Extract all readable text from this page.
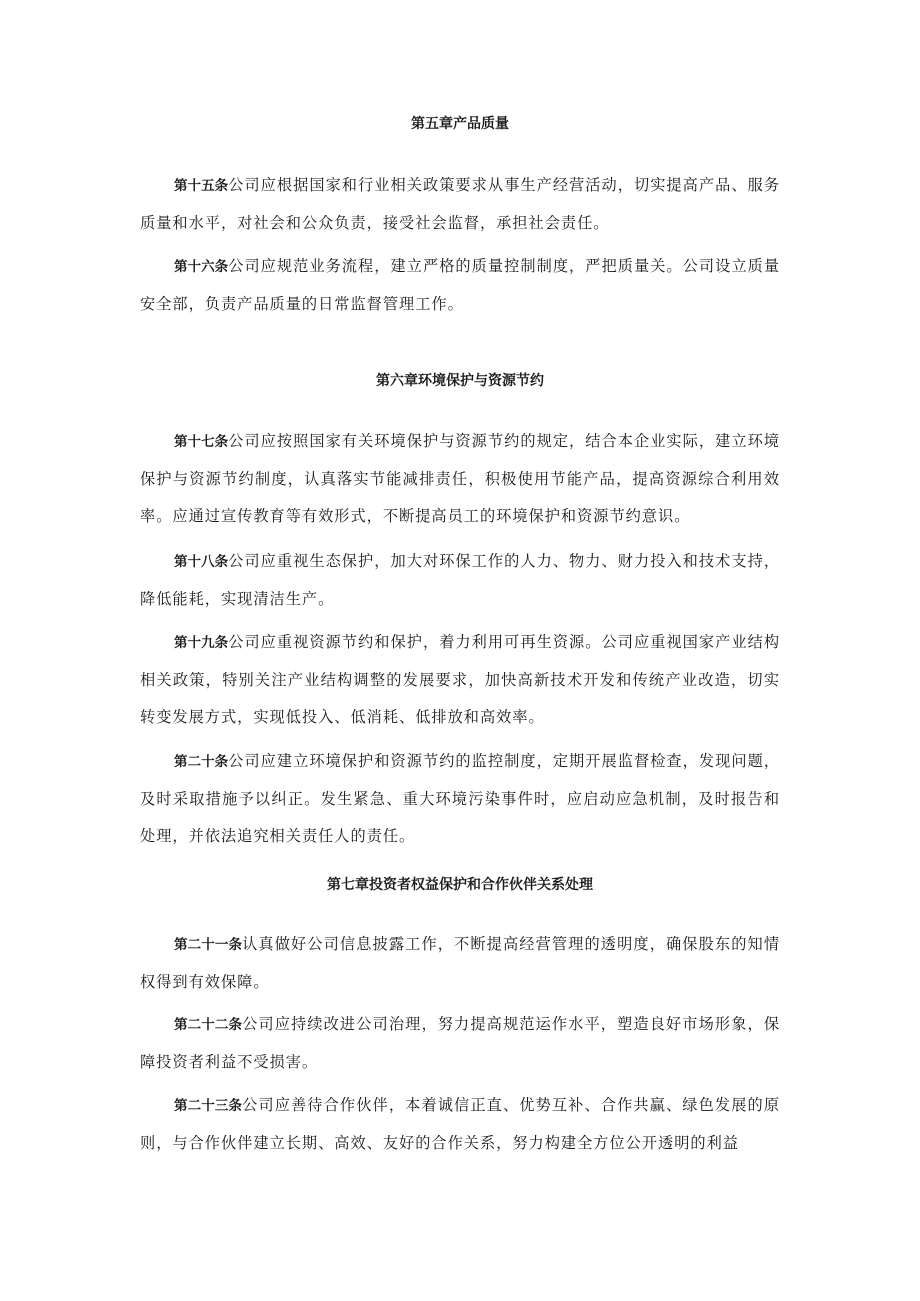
第五章产品质量

第十五条公司应根据国家和行业相关政策要求从事生产经营活动，切实提高产品、服务质量和水平，对社会和公众负责，接受社会监督，承担社会责任。

第十六条公司应规范业务流程，建立严格的质量控制制度，严把质量关。公司设立质量安全部，负责产品质量的日常监督管理工作。

第六章环境保护与资源节约

第十七条公司应按照国家有关环境保护与资源节约的规定，结合本企业实际，建立环境保护与资源节约制度，认真落实节能减排责任，积极使用节能产品，提高资源综合利用效率。应通过宣传教育等有效形式，不断提高员工的环境保护和资源节约意识。

第十八条公司应重视生态保护，加大对环保工作的人力、物力、财力投入和技术支持，降低能耗，实现清洁生产。

第十九条公司应重视资源节约和保护，着力利用可再生资源。公司应重视国家产业结构相关政策，特别关注产业结构调整的发展要求，加快高新技术开发和传统产业改造，切实转变发展方式，实现低投入、低消耗、低排放和高效率。

第二十条公司应建立环境保护和资源节约的监控制度，定期开展监督检查，发现问题，及时采取措施予以纠正。发生紧急、重大环境污染事件时，应启动应急机制，及时报告和处理，并依法追究相关责任人的责任。

第七章投资者权益保护和合作伙伴关系处理

第二十一条认真做好公司信息披露工作，不断提高经营管理的透明度，确保股东的知情权得到有效保障。

第二十二条公司应持续改进公司治理，努力提高规范运作水平，塑造良好市场形象，保障投资者利益不受损害。

第二十三条公司应善待合作伙伴，本着诚信正直、优势互补、合作共赢、绿色发展的原则，与合作伙伴建立长期、高效、友好的合作关系，努力构建全方位公开透明的利益
